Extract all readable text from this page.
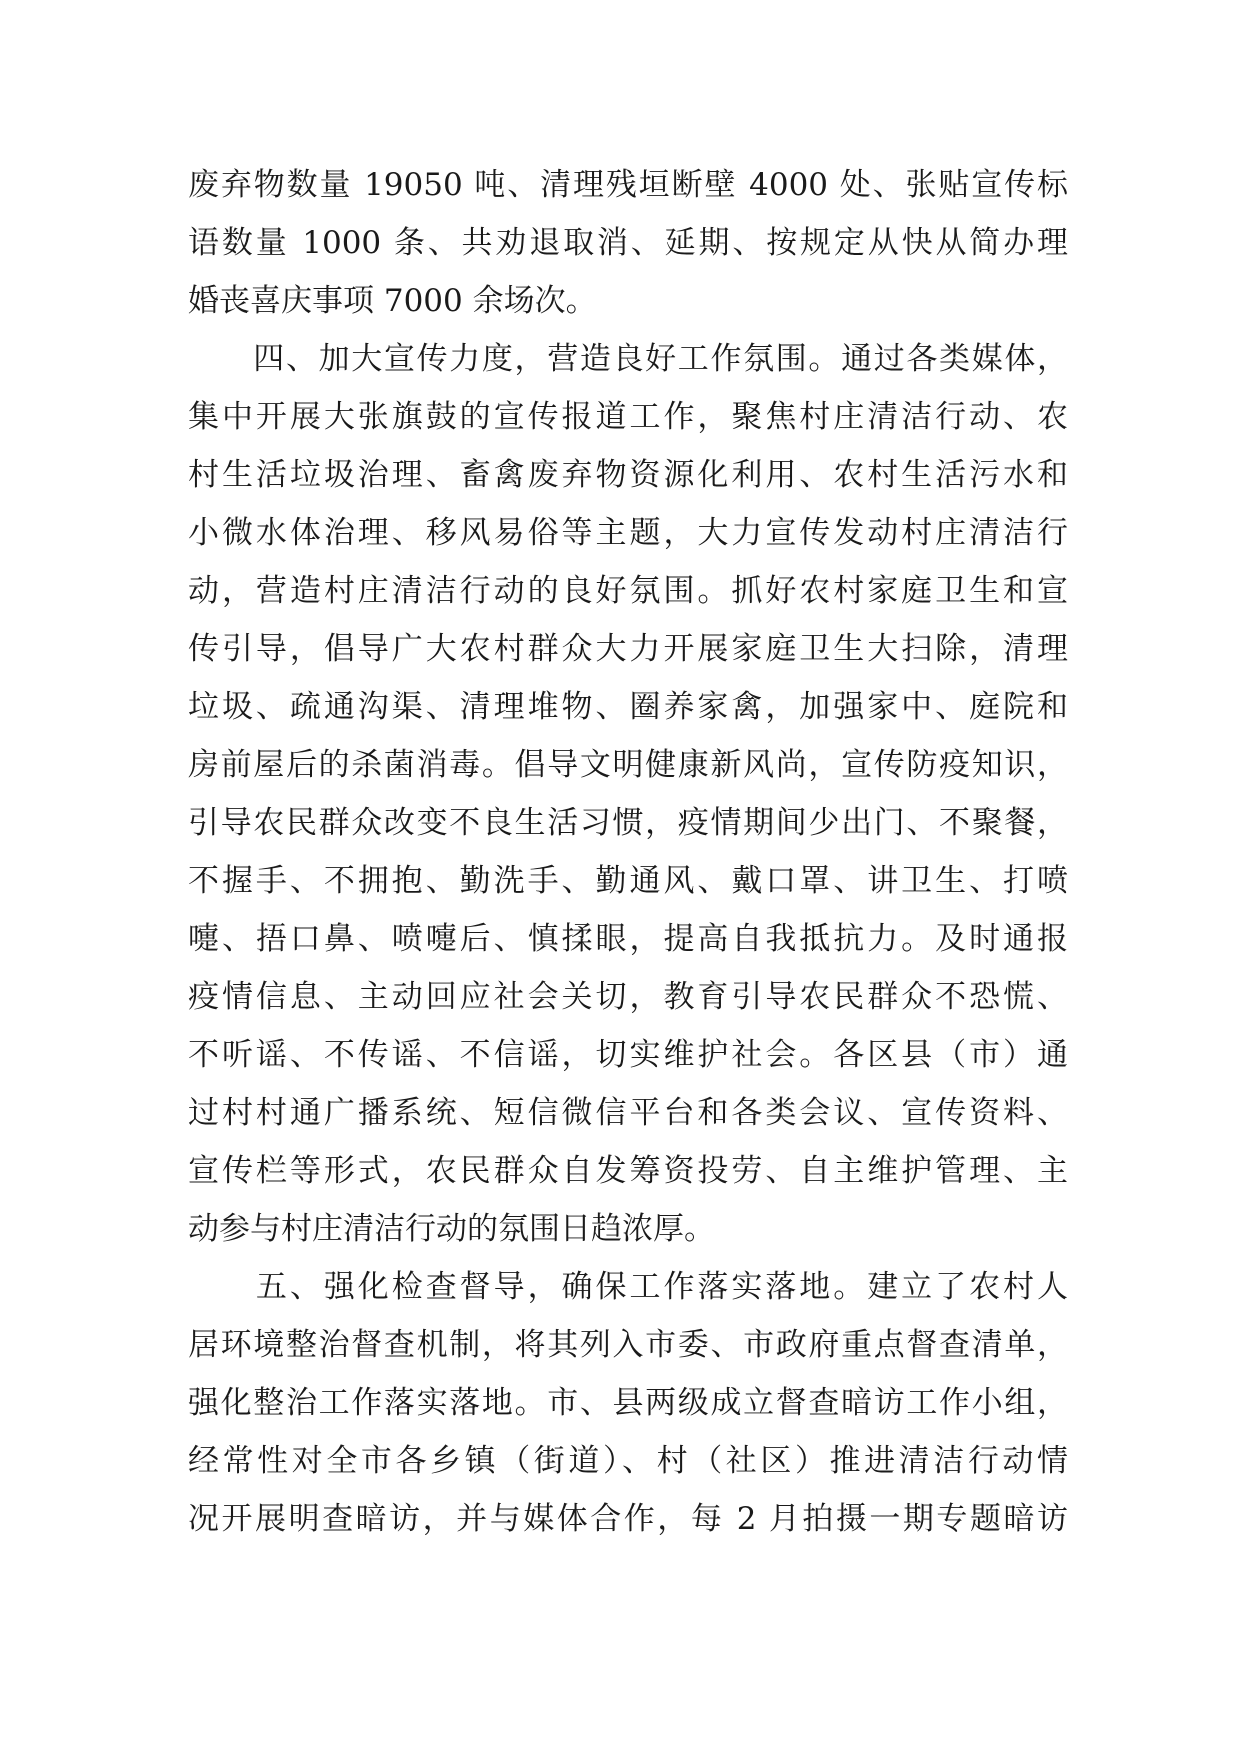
废弃物数量 19050 吨、清理残垣断壁 4000 处、张贴宣传标
语数量 1000 条、共劝退取消、延期、按规定从快从简办理
婚丧喜庆事项 7000 余场次。
　　四、加大宣传力度，营造良好工作氛围。通过各类媒体，
集中开展大张旗鼓的宣传报道工作，聚焦村庄清洁行动、农
村生活垃圾治理、畜禽废弃物资源化利用、农村生活污水和
小微水体治理、移风易俗等主题，大力宣传发动村庄清洁行
动，营造村庄清洁行动的良好氛围。抓好农村家庭卫生和宣
传引导，倡导广大农村群众大力开展家庭卫生大扫除，清理
垃圾、疏通沟渠、清理堆物、圈养家禽，加强家中、庭院和
房前屋后的杀菌消毒。倡导文明健康新风尚，宣传防疫知识，
引导农民群众改变不良生活习惯，疫情期间少出门、不聚餐，
不握手、不拥抱、勤洗手、勤通风、戴口罩、讲卫生、打喷
嚏、捂口鼻、喷嚏后、慎揉眼，提高自我抵抗力。及时通报
疫情信息、主动回应社会关切，教育引导农民群众不恐慌、
不听谣、不传谣、不信谣，切实维护社会。各区县（市）通
过村村通广播系统、短信微信平台和各类会议、宣传资料、
宣传栏等形式，农民群众自发筹资投劳、自主维护管理、主
动参与村庄清洁行动的氛围日趋浓厚。
　　五、强化检查督导，确保工作落实落地。建立了农村人
居环境整治督查机制，将其列入市委、市政府重点督查清单，
强化整治工作落实落地。市、县两级成立督查暗访工作小组，
经常性对全市各乡镇（街道）、村（社区）推进清洁行动情
况开展明查暗访，并与媒体合作，每 2 月拍摄一期专题暗访
